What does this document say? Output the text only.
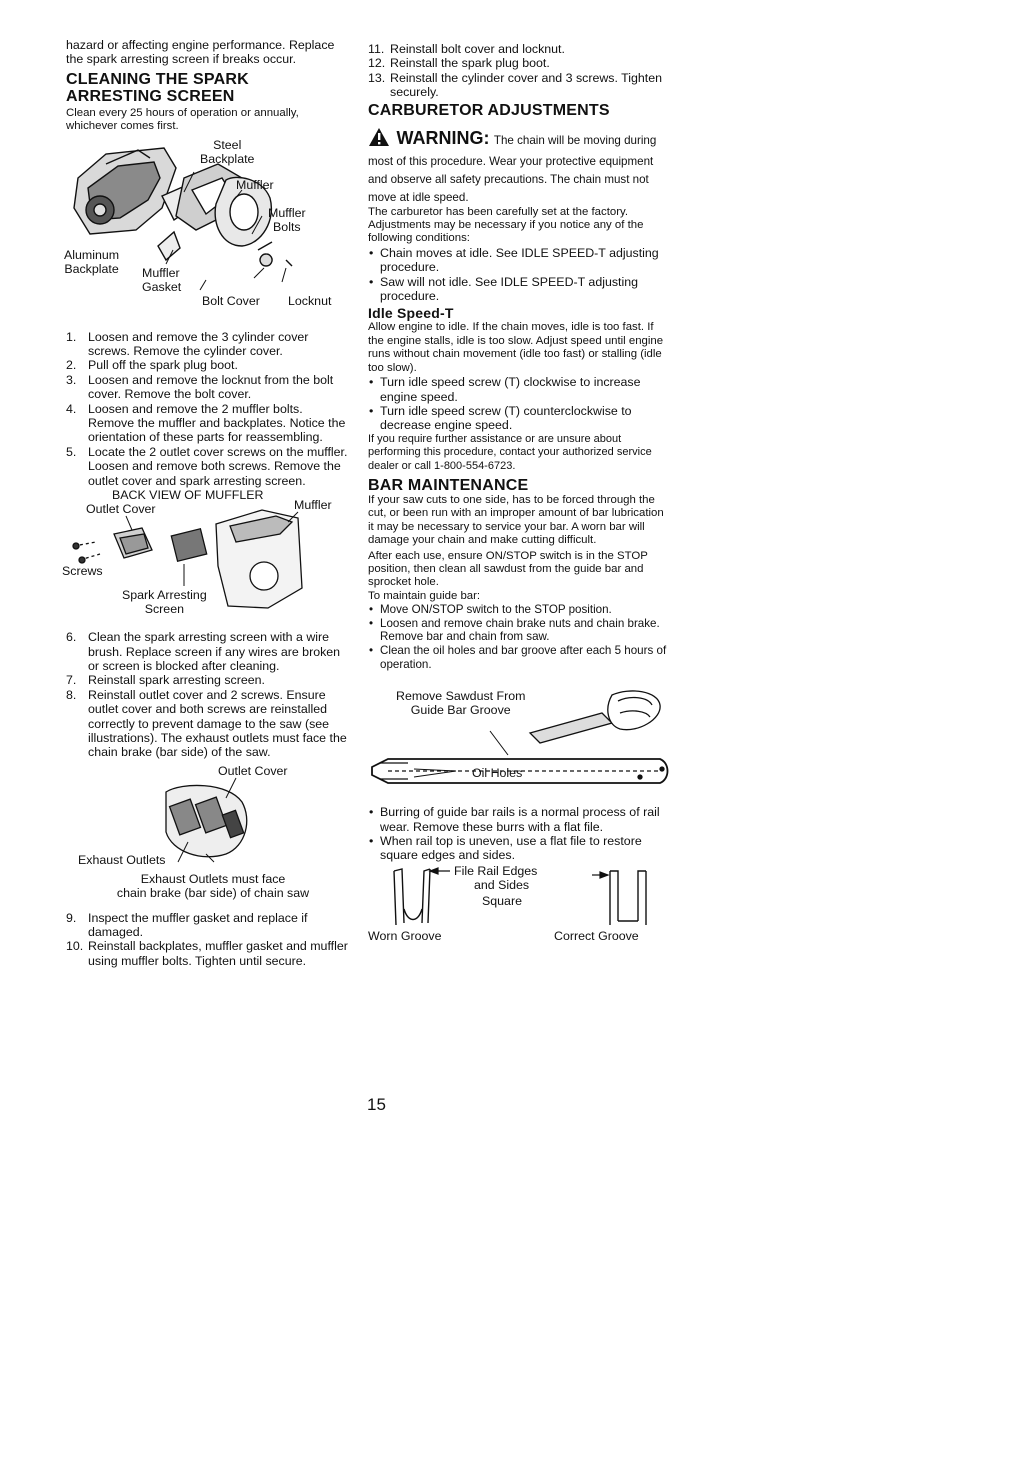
hazard or affecting engine performance. Replace the spark arresting screen if breaks occur.

CLEANING THE SPARK
ARRESTING SCREEN

Clean every 25 hours of operation or annually, whichever comes first.

Steel
Backplate
Muffler
Muffler
Bolts
Aluminum
Backplate Muffler
Gasket
Bolt Cover Locknut
1. Loosen and remove the 3 cylinder cover screws. Remove the cylinder cover.
2. Pull off the spark plug boot.
3. Loosen and remove the locknut from the bolt cover. Remove the bolt cover.
4. Loosen and remove the 2 muffler bolts. Remove the muffler and backplates. Notice the orientation of these parts for reassembling.
5. Locate the 2 outlet cover screws on the muffler. Loosen and remove both screws. Remove the outlet cover and spark arresting screen.
BACK VIEW OF MUFFLER
Outlet Cover	Muffler
Screws
Spark Arresting
Screen
6. Clean the spark arresting screen with a wire brush. Replace screen if any wires are broken or screen is blocked after cleaning.
7. Reinstall spark arresting screen.
8. Reinstall outlet cover and 2 screws. Ensure outlet cover and both screws are reinstalled correctly to prevent damage to the saw (see illustrations). The exhaust outlets must face the chain brake (bar side) of the saw.
Outlet Cover
Exhaust Outlets
Exhaust Outlets must face
chain brake (bar side) of chain saw
9. Inspect the muffler gasket and replace if damaged.
10. Reinstall backplates, muffler gasket and muffler using muffler bolts. Tighten until secure.
11. Reinstall bolt cover and locknut.
12. Reinstall the spark plug boot.
13. Reinstall the cylinder cover and 3 screws. Tighten securely.
CARBURETOR ADJUSTMENTS
WARNING: The chain will be moving during most of this procedure. Wear your protective equipment and observe all safety precautions. The chain must not move at idle speed.

The carburetor has been carefully set at the factory. Adjustments may be necessary if you notice any of the following conditions:

• Chain moves at idle. See IDLE SPEED-T adjusting procedure.
• Saw will not idle. See IDLE SPEED-T adjusting procedure.
Idle Speed-T

Allow engine to idle. If the chain moves, idle is too fast. If the engine stalls, idle is too slow. Adjust speed until engine runs without chain movement (idle too fast) or stalling (idle too slow).

• Turn idle speed screw (T) clockwise to increase engine speed.
• Turn idle speed screw (T) counterclockwise to decrease engine speed.

If you require further assistance or are unsure about performing this procedure, contact your authorized service dealer or call 1-800-554-6723.

BAR MAINTENANCE

If your saw cuts to one side, has to be forced through the cut, or been run with an improper amount of bar lubrication it may be necessary to service your bar. A worn bar will damage your chain and make cutting difficult.

After each use, ensure ON/STOP switch is in the STOP position, then clean all sawdust from the guide bar and sprocket hole.

To maintain guide bar:

• Move ON/STOP switch to the STOP position.
• Loosen and remove chain brake nuts and chain brake. Remove bar and chain from saw.
• Clean the oil holes and bar groove after each 5 hours of operation.
Remove Sawdust From
Guide Bar Groove
Oil Holes
• Burring of guide bar rails is a normal process of rail wear. Remove these burrs with a flat file.
• When rail top is uneven, use a flat file to restore square edges and sides.
File Rail Edges
and Sides
Square
Worn Groove	Correct Groove
15
